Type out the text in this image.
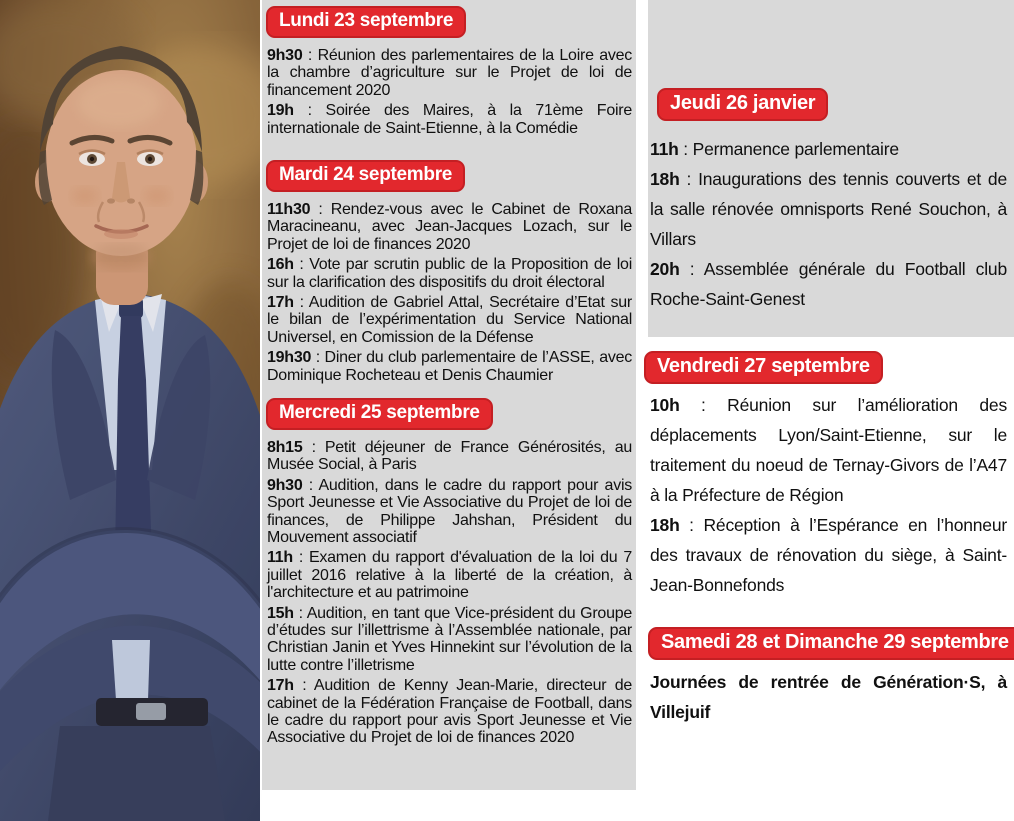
Lundi 23 septembre

9h30 : Réunion des parlementaires de la Loire avec la chambre d’agriculture sur le Projet de loi de financement 2020

19h : Soirée des Maires, à la 71ème Foire internationale de Saint-Etienne, à la Comédie

Mardi 24 septembre

11h30 : Rendez-vous avec le Cabinet de Roxana Maracineanu, avec Jean-Jacques Lozach, sur le Projet de loi de finances 2020

16h : Vote par scrutin public de la Proposition de loi sur la clarification des dispositifs du droit électoral

17h : Audition de Gabriel Attal, Secrétaire d’Etat sur le bilan de l’expérimentation du Service National Universel, en Comission de la Défense

19h30 : Diner du club parlementaire de l’ASSE, avec Dominique Rocheteau et Denis Chaumier

Mercredi 25 septembre

8h15 : Petit déjeuner de France Générosités, au Musée Social, à Paris

9h30 : Audition, dans le cadre du rapport pour avis Sport Jeunesse et Vie Associative du Projet de loi de finances, de Philippe Jahshan, Président du Mouvement associatif

11h : Examen du rapport d'évaluation de la loi du 7 juillet 2016 relative à la liberté de la création, à l'architecture et au patrimoine

15h : Audition, en tant que Vice-président du Groupe d’études sur l’illettrisme à l’Assemblée nationale, par Christian Janin et Yves Hinnekint sur l’évolution de la lutte contre l’illetrisme

17h : Audition de Kenny Jean-Marie, directeur de cabinet de la Fédération Française de Football, dans le cadre du rapport pour avis Sport Jeunesse et Vie Associative du Projet de loi de finances 2020

Jeudi 26 janvier

11h : Permanence parlementaire

18h : Inaugurations des tennis couverts et de la salle rénovée omnisports René Souchon, à Villars

20h : Assemblée générale du Football club Roche-Saint-Genest

Vendredi 27 septembre

10h : Réunion sur l’amélioration des déplacements Lyon/Saint-Etienne, sur le traitement du noeud de Ternay-Givors de l’A47 à la Préfecture de Région

18h : Réception à l’Espérance en l’honneur des travaux de rénovation du siège, à Saint-Jean-Bonnefonds

Samedi 28 et Dimanche 29 septembre

Journées de rentrée de Génération·S, à Villejuif
